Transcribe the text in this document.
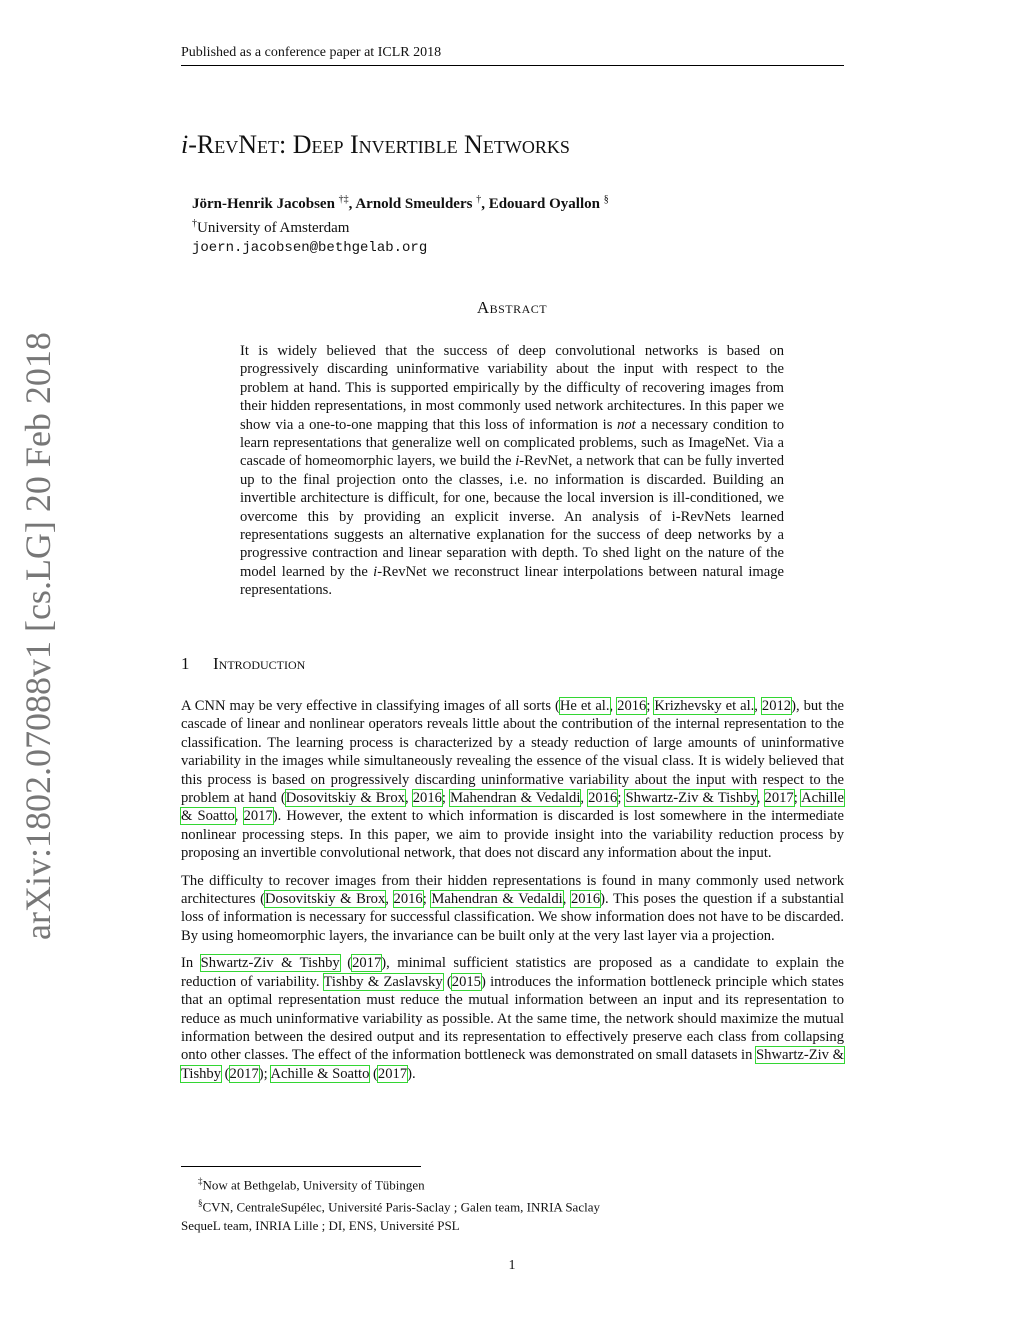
Published as a conference paper at ICLR 2018
arXiv:1802.07088v1 [cs.LG] 20 Feb 2018
i-RevNet: Deep Invertible Networks
Jörn-Henrik Jacobsen †‡, Arnold Smeulders †, Edouard Oyallon §
†University of Amsterdam
joern.jacobsen@bethgelab.org
Abstract
It is widely believed that the success of deep convolutional networks is based on progressively discarding uninformative variability about the input with respect to the problem at hand. This is supported empirically by the difficulty of recovering images from their hidden representations, in most commonly used network architectures. In this paper we show via a one-to-one mapping that this loss of information is not a necessary condition to learn representations that generalize well on complicated problems, such as ImageNet. Via a cascade of homeomorphic layers, we build the i-RevNet, a network that can be fully inverted up to the final projection onto the classes, i.e. no information is discarded. Building an invertible architecture is difficult, for one, because the local inversion is ill-conditioned, we overcome this by providing an explicit inverse. An analysis of i-RevNets learned representations suggests an alternative explanation for the success of deep networks by a progressive contraction and linear separation with depth. To shed light on the nature of the model learned by the i-RevNet we reconstruct linear interpolations between natural image representations.
1 Introduction

A CNN may be very effective in classifying images of all sorts (He et al., 2016; Krizhevsky et al., 2012), but the cascade of linear and nonlinear operators reveals little about the contribution of the internal representation to the classification. The learning process is characterized by a steady reduction of large amounts of uninformative variability in the images while simultaneously revealing the essence of the visual class. It is widely believed that this process is based on progressively discarding uninformative variability about the input with respect to the problem at hand (Dosovitskiy & Brox, 2016; Mahendran & Vedaldi, 2016; Shwartz-Ziv & Tishby, 2017; Achille & Soatto, 2017). However, the extent to which information is discarded is lost somewhere in the intermediate nonlinear processing steps. In this paper, we aim to provide insight into the variability reduction process by proposing an invertible convolutional network, that does not discard any information about the input.

The difficulty to recover images from their hidden representations is found in many commonly used network architectures (Dosovitskiy & Brox, 2016; Mahendran & Vedaldi, 2016). This poses the question if a substantial loss of information is necessary for successful classification. We show information does not have to be discarded. By using homeomorphic layers, the invariance can be built only at the very last layer via a projection.

In Shwartz-Ziv & Tishby (2017), minimal sufficient statistics are proposed as a candidate to explain the reduction of variability. Tishby & Zaslavsky (2015) introduces the information bottleneck principle which states that an optimal representation must reduce the mutual information between an input and its representation to reduce as much uninformative variability as possible. At the same time, the network should maximize the mutual information between the desired output and its representation to effectively preserve each class from collapsing onto other classes. The effect of the information bottleneck was demonstrated on small datasets in Shwartz-Ziv & Tishby (2017); Achille & Soatto (2017).

‡Now at Bethgelab, University of Tübingen
§CVN, CentraleSupélec, Université Paris-Saclay ; Galen team, INRIA Saclay
SequeL team, INRIA Lille ; DI, ENS, Université PSL
1
